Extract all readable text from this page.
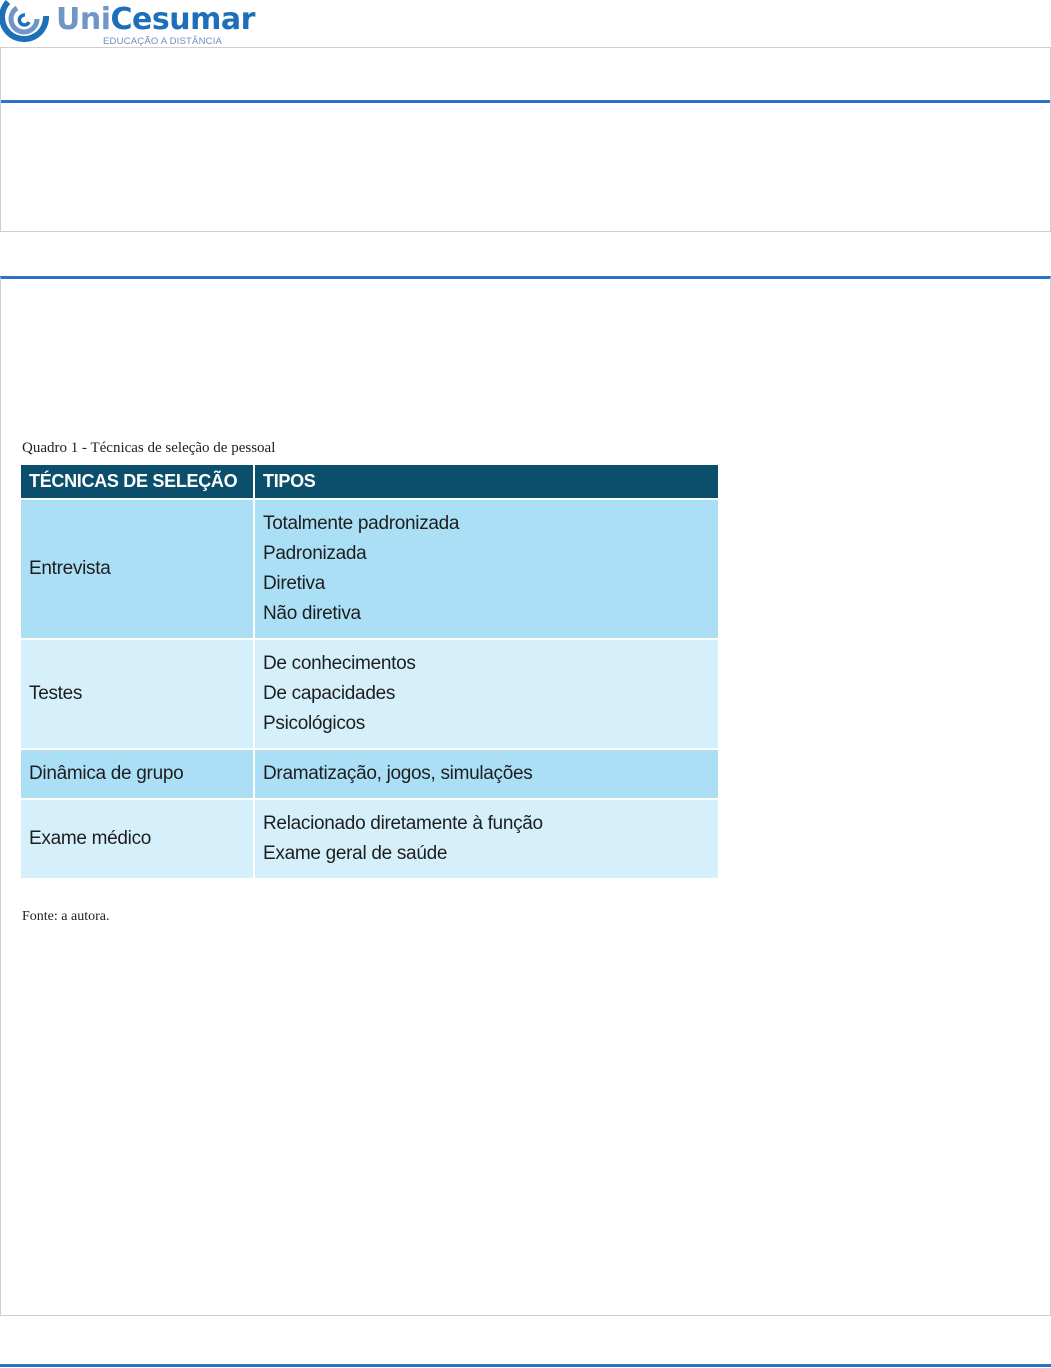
UniCesumar
EDUCAÇÃO A DISTÂNCIA
Quadro 1 - Técnicas de seleção de pessoal
TÉCNICAS DE SELEÇÃO	TIPOS
Entrevista	Totalmente padronizada
Padronizada
Diretiva
Não diretiva

Testes	De conhecimentos
De capacidades
Psicológicos

Dinâmica de grupo	Dramatização, jogos, simulações

Exame médico	Relacionado diretamente à função
Exame geral de saúde
Fonte: a autora.
